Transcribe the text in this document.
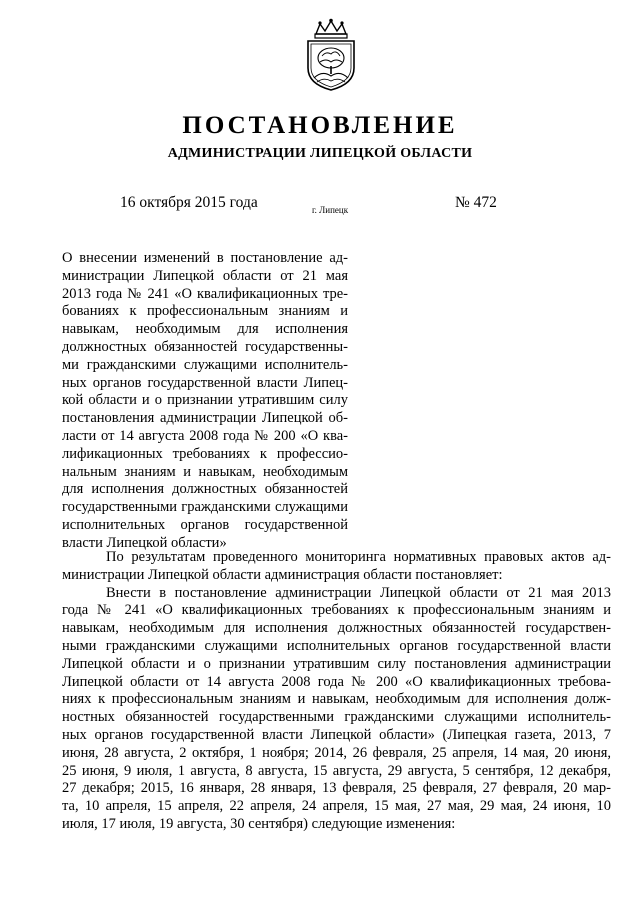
ПОСТАНОВЛЕНИЕ
АДМИНИСТРАЦИИ ЛИПЕЦКОЙ ОБЛАСТИ
16 октября 2015 года	г. Липецк	№ 472
О внесении изменений в постановление ад-
министрации Липецкой области от 21 мая
2013 года № 241 «О квалификационных тре-
бованиях к профессиональным знаниям и
навыкам, необходимым для исполнения
должностных обязанностей государственны-
ми гражданскими служащими исполнитель-
ных органов государственной власти Липец-
кой области и о признании утратившим силу
постановления администрации Липецкой об-
ласти от 14 августа 2008 года № 200 «О ква-
лификационных требованиях к профессио-
нальным знаниям и навыкам, необходимым
для исполнения должностных обязанностей
государственными гражданскими служащими
исполнительных органов государственной
власти Липецкой области»
По результатам проведенного мониторинга нормативных правовых актов ад-
министрации Липецкой области администрация области постановляет:
Внести в постановление администрации Липецкой области от 21 мая 2013
года № 241 «О квалификационных требованиях к профессиональным знаниям и
навыкам, необходимым для исполнения должностных обязанностей государствен-
ными гражданскими служащими исполнительных органов государственной власти
Липецкой области и о признании утратившим силу постановления администрации
Липецкой области от 14 августа 2008 года № 200 «О квалификационных требова-
ниях к профессиональным знаниям и навыкам, необходимым для исполнения долж-
ностных обязанностей государственными гражданскими служащими исполнитель-
ных органов государственной власти Липецкой области» (Липецкая газета, 2013, 7
июня, 28 августа, 2 октября, 1 ноября; 2014, 26 февраля, 25 апреля, 14 мая, 20 июня,
25 июня, 9 июля, 1 августа, 8 августа, 15 августа, 29 августа, 5 сентября, 12 декабря,
27 декабря; 2015, 16 января, 28 января, 13 февраля, 25 февраля, 27 февраля, 20 мар-
та, 10 апреля, 15 апреля, 22 апреля, 24 апреля, 15 мая, 27 мая, 29 мая, 24 июня, 10
июля, 17 июля, 19 августа, 30 сентября) следующие изменения:
